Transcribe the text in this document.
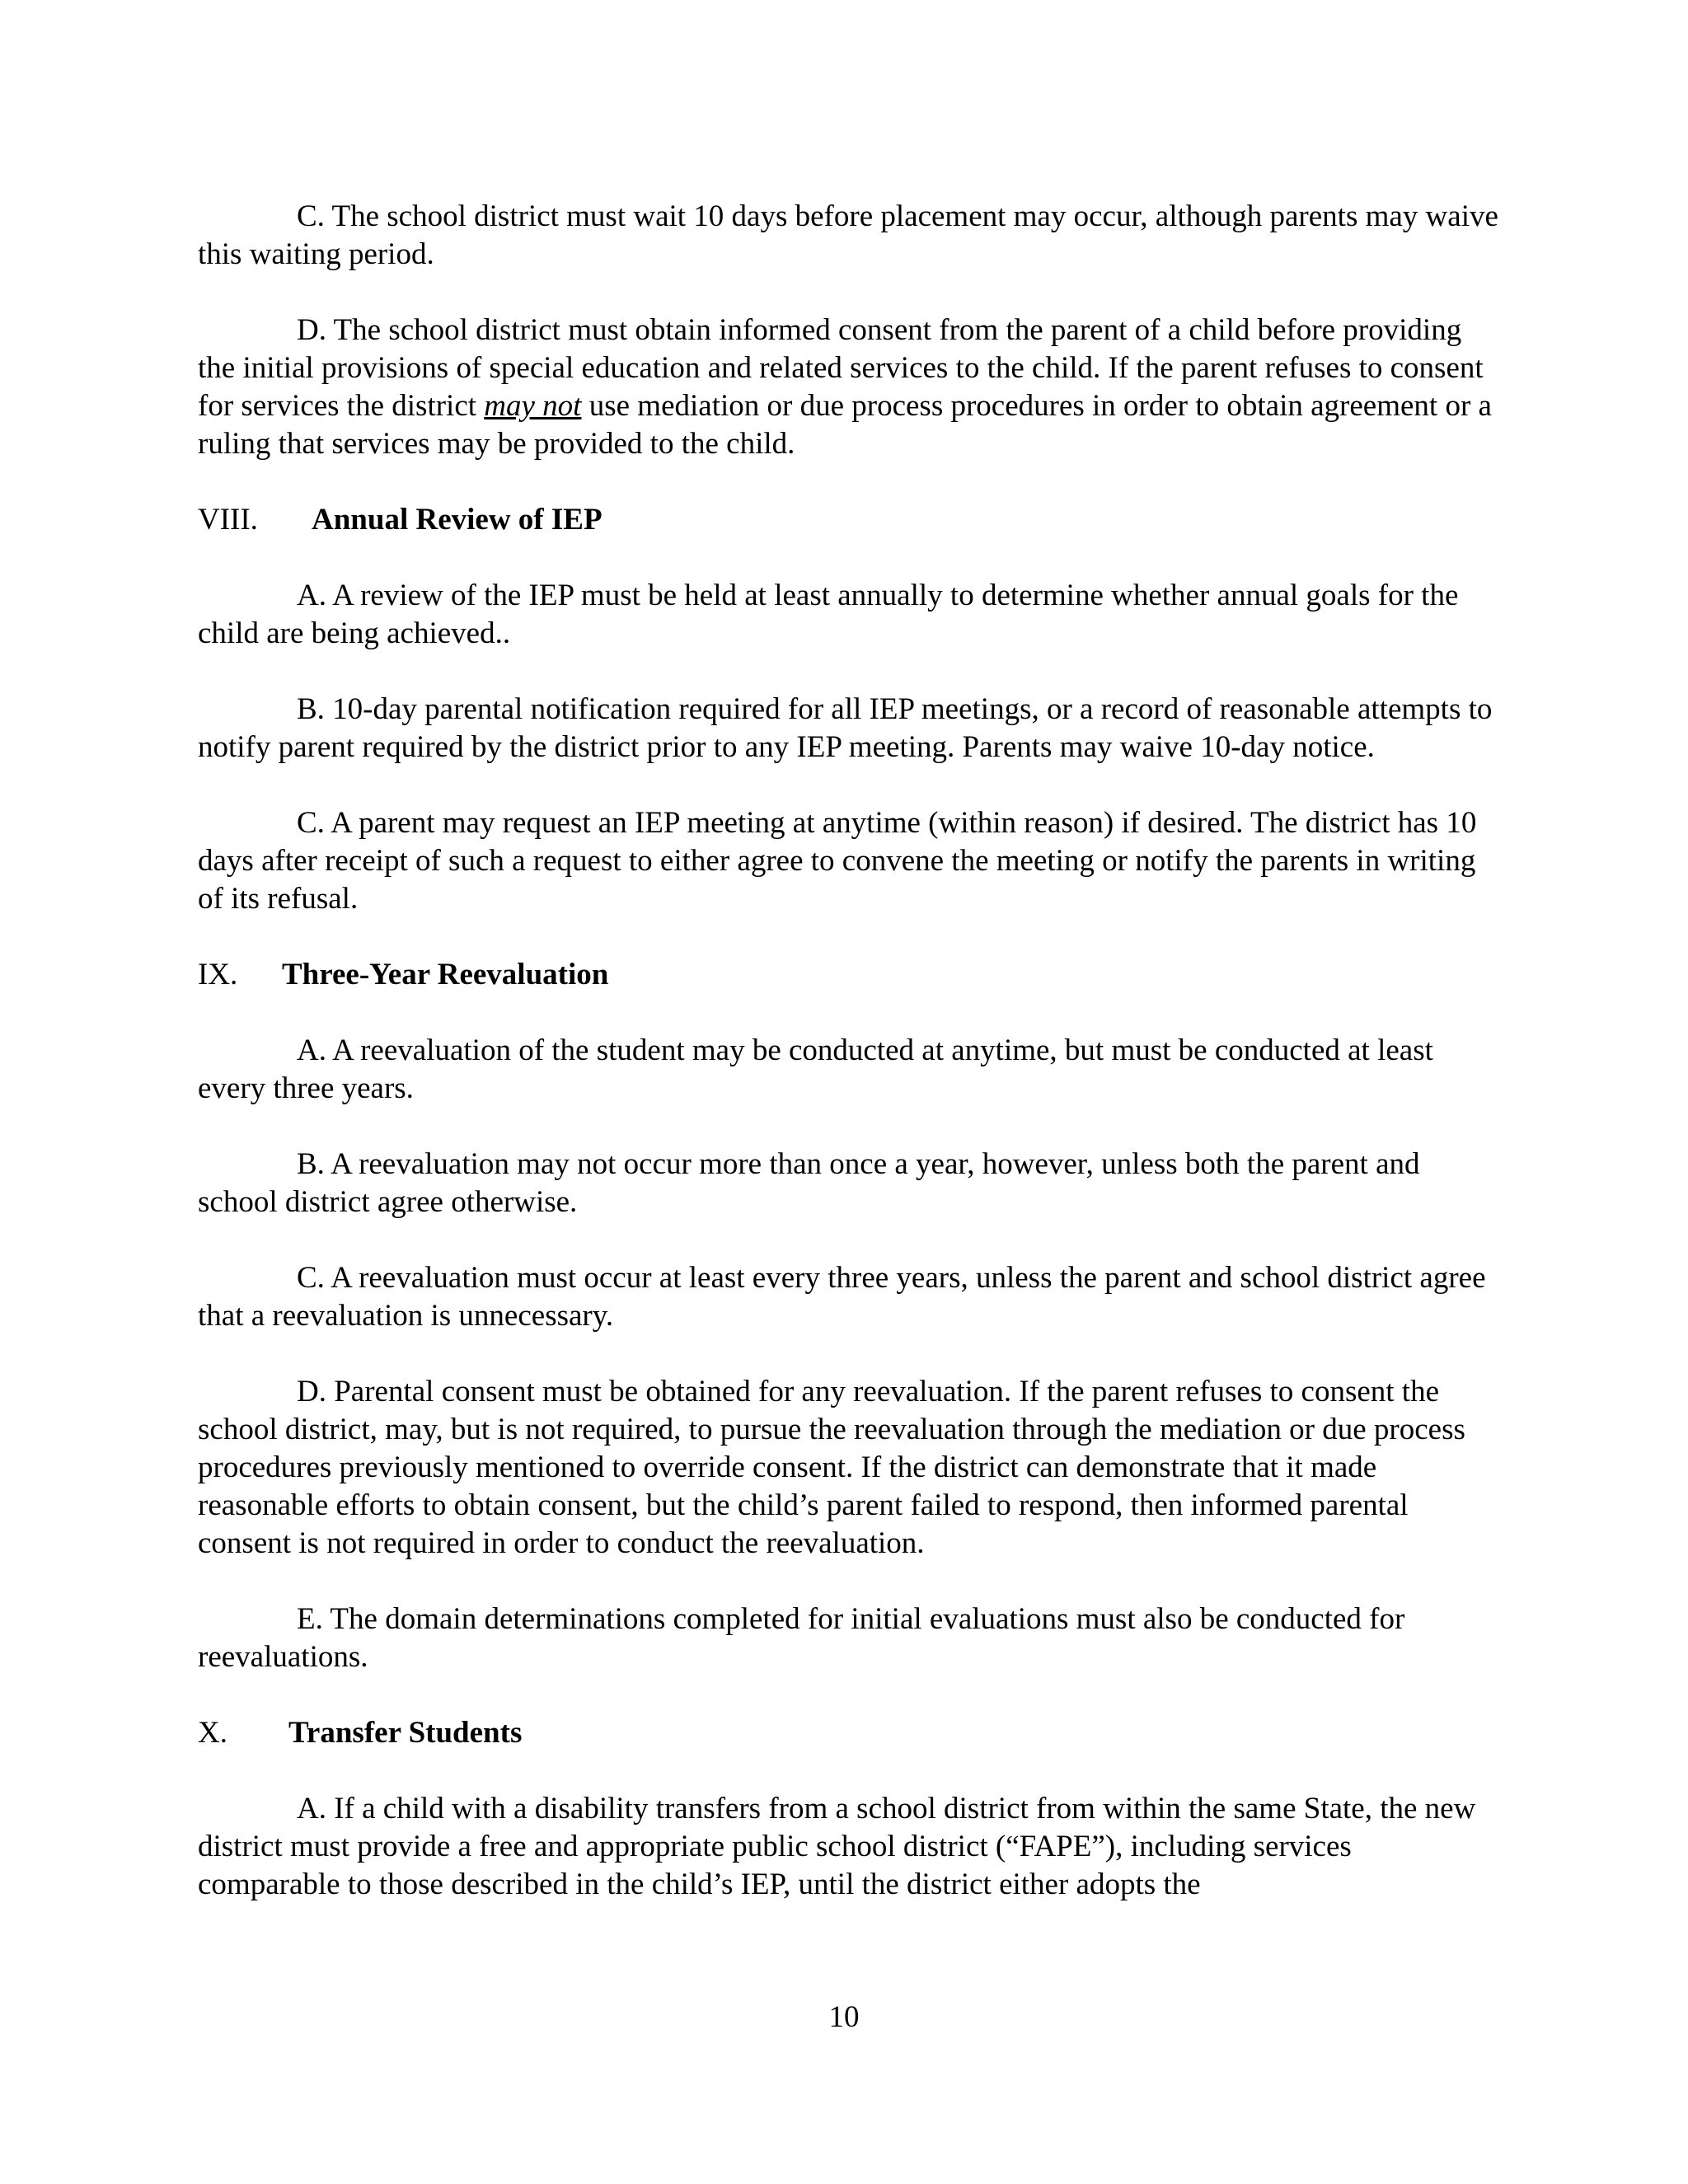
C. The school district must wait 10 days before placement may occur, although parents may waive this waiting period.

D. The school district must obtain informed consent from the parent of a child before providing the initial provisions of special education and related services to the child. If the parent refuses to consent for services the district may not use mediation or due process procedures in order to obtain agreement or a ruling that services may be provided to the child.

VIII.	Annual Review of IEP

A. A review of the IEP must be held at least annually to determine whether annual goals for the child are being achieved..

B. 10-day parental notification required for all IEP meetings, or a record of reasonable attempts to notify parent required by the district prior to any IEP meeting. Parents may waive 10-day notice.

C. A parent may request an IEP meeting at anytime (within reason) if desired. The district has 10 days after receipt of such a request to either agree to convene the meeting or notify the parents in writing of its refusal.

IX.	Three-Year Reevaluation

A. A reevaluation of the student may be conducted at anytime, but must be conducted at least every three years.

B. A reevaluation may not occur more than once a year, however, unless both the parent and school district agree otherwise.

C. A reevaluation must occur at least every three years, unless the parent and school district agree that a reevaluation is unnecessary.

D. Parental consent must be obtained for any reevaluation. If the parent refuses to consent the school district, may, but is not required, to pursue the reevaluation through the mediation or due process procedures previously mentioned to override consent. If the district can demonstrate that it made reasonable efforts to obtain consent, but the child’s parent failed to respond, then informed parental consent is not required in order to conduct the reevaluation.

E. The domain determinations completed for initial evaluations must also be conducted for reevaluations.

X.	Transfer Students

A. If a child with a disability transfers from a school district from within the same State, the new district must provide a free and appropriate public school district (“FAPE”), including services comparable to those described in the child’s IEP, until the district either adopts the

10
